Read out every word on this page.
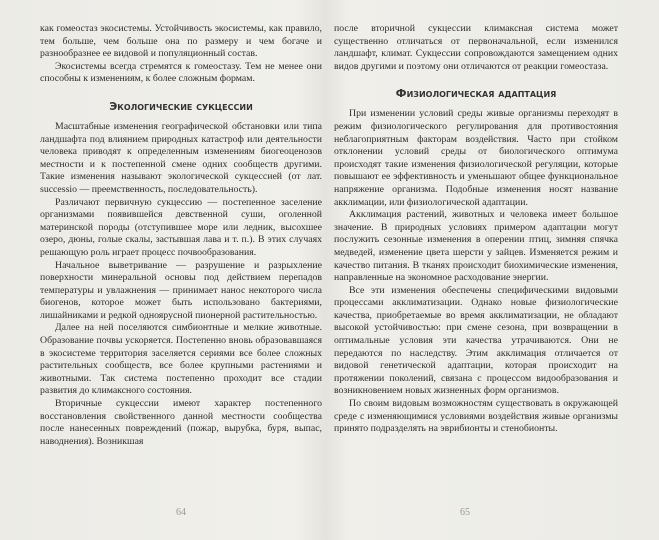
как гомеостаз экосистемы. Устойчивость экосистемы, как правило, тем больше, чем больше она по размеру и чем богаче и разнообразнее ее видовой и популяционный состав.

Экосистемы всегда стремятся к гомеостазу. Тем не менее они способны к изменениям, к более сложным формам.

Экологические сукцессии

Масштабные изменения географической обстановки или типа ландшафта под влиянием природных катастроф или деятельности человека приводят к определенным изменениям биогеоценозов местности и к постепенной смене одних сообществ другими. Такие изменения называют экологической сукцессией (от лат. successio — преемственность, последовательность).

Различают первичную сукцессию — постепенное заселение организмами появившейся девственной суши, оголенной материнской породы (отступившее море или ледник, высохшее озеро, дюны, голые скалы, застывшая лава и т. п.). В этих случаях решающую роль играет процесс почвообразования.

Начальное выветривание — разрушение и разрыхление поверхности минеральной основы под действием перепадов температуры и увлажнения — принимает нанос некоторого числа биогенов, которое может быть использовано бактериями, лишайниками и редкой одноярусной пионерной растительностью.

Далее на ней поселяются симбионтные и мелкие животные. Образование почвы ускоряется. Постепенно вновь образовавшаяся в экосистеме территория заселяется сериями все более сложных растительных сообществ, все более крупными растениями и животными. Так система постепенно проходит все стадии развития до климаксного состояния.

Вторичные сукцессии имеют характер постепенного восстановления свойственного данной местности сообщества после нанесенных повреждений (пожар, вырубка, буря, выпас, наводнения). Возникшая

64

после вторичной сукцессии климаксная система может существенно отличаться от первоначальной, если изменился ландшафт, климат. Сукцессии сопровождаются замещением одних видов другими и поэтому они отличаются от реакции гомеостаза.

Физиологическая адаптация

При изменении условий среды живые организмы переходят в режим физиологического регулирования для противостояния неблагоприятным факторам воздействия. Часто при стойком отклонении условий среды от биологического оптимума происходят такие изменения физиологической регуляции, которые повышают ее эффективность и уменьшают общее функциональное напряжение организма. Подобные изменения носят название акклимации, или физиологической адаптации.

Акклимация растений, животных и человека имеет большое значение. В природных условиях примером адаптации могут послужить сезонные изменения в оперении птиц, зимняя спячка медведей, изменение цвета шерсти у зайцев. Изменяется режим и качество питания. В тканях происходит биохимические изменения, направленные на экономное расходование энергии.

Все эти изменения обеспечены специфическими видовыми процессами акклиматизации. Однако новые физиологические качества, приобретаемые во время акклиматизации, не обладают высокой устойчивостью: при смене сезона, при возвращении в оптимальные условия эти качества утрачиваются. Они не передаются по наследству. Этим акклимация отличается от видовой генетической адаптации, которая происходит на протяжении поколений, связана с процессом видообразования и возникновением новых жизненных форм организмов.

По своим видовым возможностям существовать в окружающей среде с изменяющимися условиями воздействия живые организмы принято подразделять на эврибионты и стенобионты.

65
